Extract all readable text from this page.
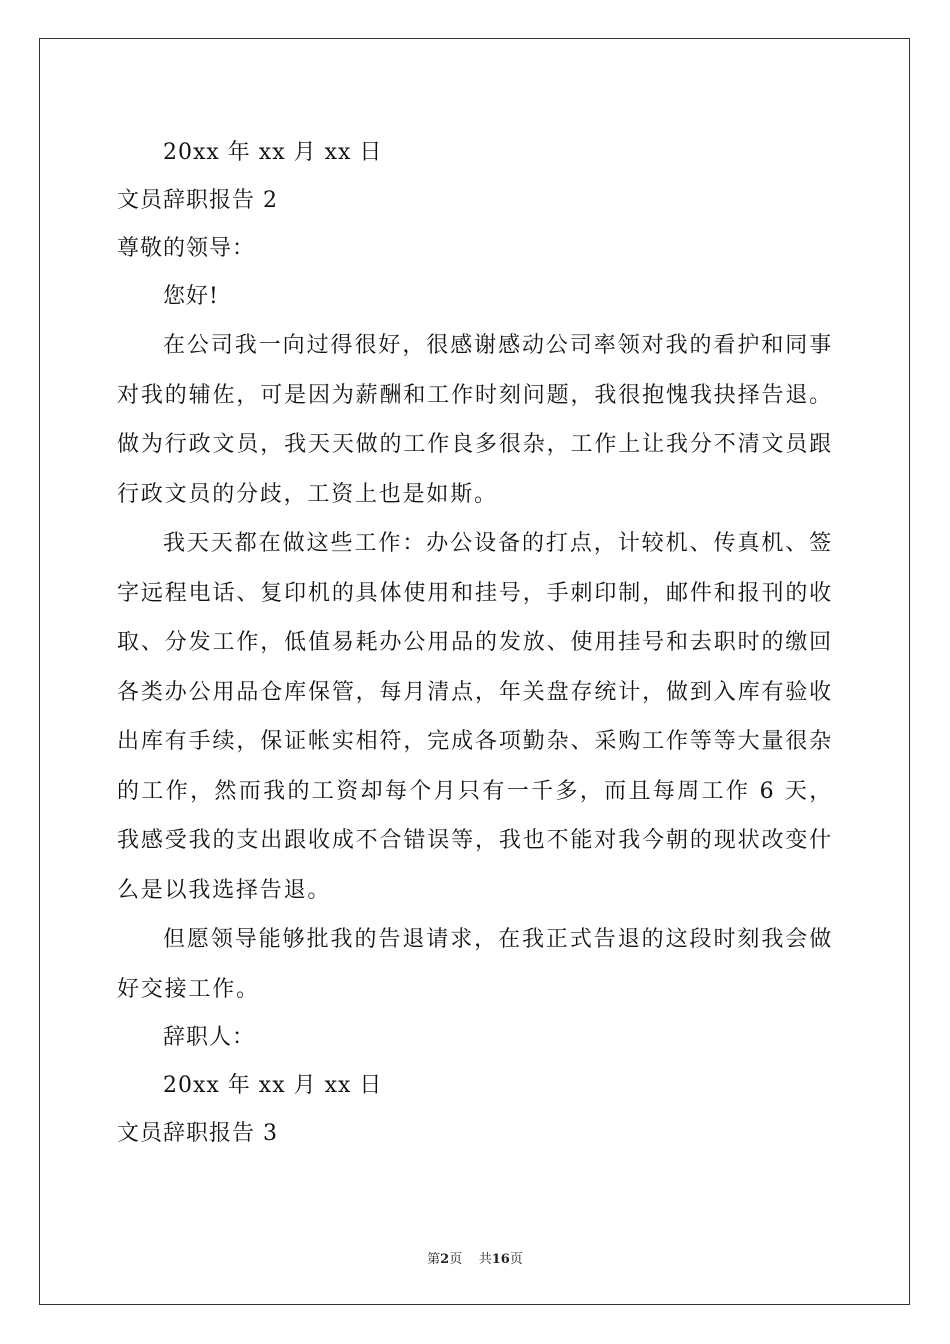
20xx 年 xx 月 xx 日
文员辞职报告 2
尊敬的领导：
您好!

在公司我一向过得很好，很感谢感动公司率领对我的看护和同事对我的辅佐，可是因为薪酬和工作时刻问题，我很抱愧我抉择告退。做为行政文员，我天天做的工作良多很杂，工作上让我分不清文员跟行政文员的分歧，工资上也是如斯。

我天天都在做这些工作：办公设备的打点，计较机、传真机、签字远程电话、复印机的具体使用和挂号，手刺印制，邮件和报刊的收取、分发工作，低值易耗办公用品的发放、使用挂号和去职时的缴回各类办公用品仓库保管，每月清点，年关盘存统计，做到入库有验收出库有手续，保证帐实相符，完成各项勤杂、采购工作等等大量很杂的工作，然而我的工资却每个月只有一千多，而且每周工作 6 天，我感受我的支出跟收成不合错误等，我也不能对我今朝的现状改变什么是以我选择告退。

但愿领导能够批我的告退请求，在我正式告退的这段时刻我会做好交接工作。

辞职人：
20xx 年 xx 月 xx 日
文员辞职报告 3
第2页 共16页
